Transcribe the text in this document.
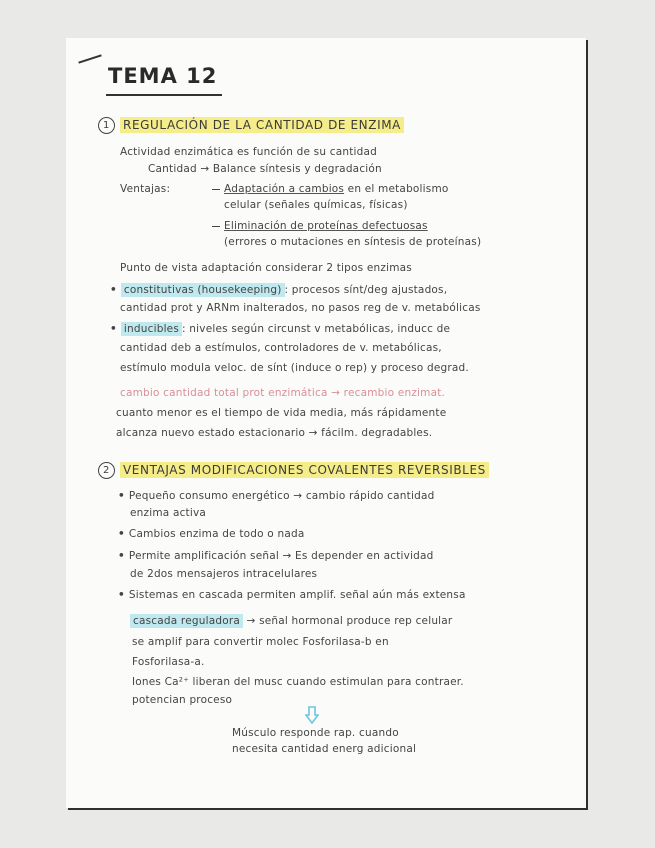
TEMA 12
1 REGULACIÓN DE LA CANTIDAD DE ENZIMA
Actividad enzimática es función de su cantidad
Cantidad → Balance síntesis y degradación
Ventajas:	Adaptación a cambios en el metabolismo
celular (señales químicas, físicas)
Eliminación de proteínas defectuosas
(errores o mutaciones en síntesis de proteínas)
Punto de vista adaptación considerar 2 tipos enzimas
• constitutivas (housekeeping) : procesos sínt/deg ajustados,
cantidad prot y ARNm inalterados, no pasos reg de v. metabólicas
• inducibles : niveles según circunst v metabólicas, inducc de
cantidad deb a estímulos, controladores de v. metabólicas,
estímulo modula veloc. de sínt (induce o rep) y proceso degrad.
cambio cantidad total prot enzimática → recambio enzimat.
cuanto menor es el tiempo de vida media, más rápidamente
alcanza nuevo estado estacionario → fácilm. degradables.
2 VENTAJAS MODIFICACIONES COVALENTES REVERSIBLES
• Pequeño consumo energético → cambio rápido cantidad
enzima activa
• Cambios enzima de todo o nada
• Permite amplificación señal → Es depender en actividad
de 2dos mensajeros intracelulares
• Sistemas en cascada permiten amplif. señal aún más extensa
cascada reguladora → señal hormonal produce rep celular
se amplif para convertir molec Fosforilasa-b en
Fosforilasa-a.
Iones Ca²⁺ liberan del musc cuando estimulan para contraer.
potencian proceso
Músculo responde rap. cuando
necesita cantidad energ adicional
